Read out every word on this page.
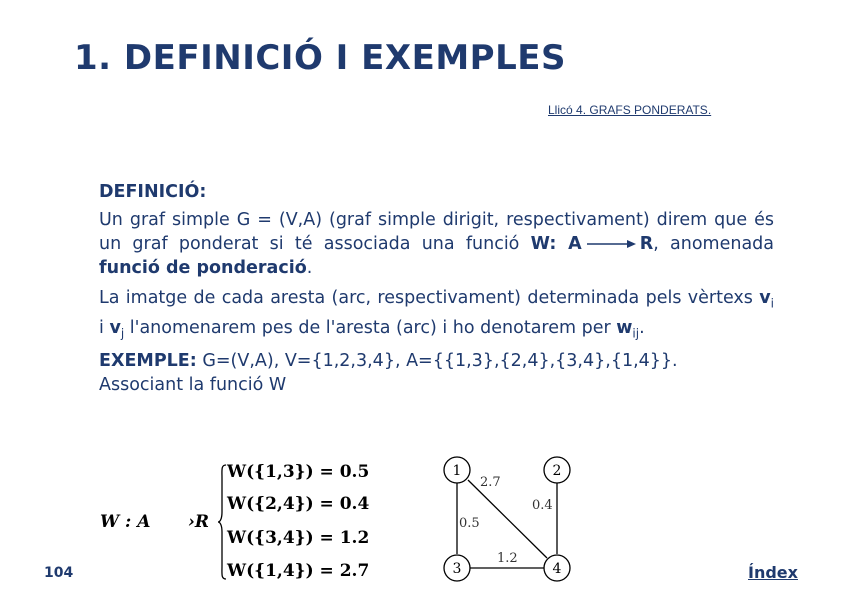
1. DEFINICIÓ I EXEMPLES
Llicó 4. GRAFS PONDERATS.

DEFINICIÓ:

Un graf simple G = (V,A) (graf simple dirigit, respectivament) direm que és un graf ponderat si té associada una funció W: A	R, anomenada funció de ponderació.

La imatge de cada aresta (arc, respectivament) determinada pels vèrtexs $v_i$ i $v_j$ l'anomenarem pes de l'aresta (arc) i ho denotarem per $w_{ij}$.

EXEMPLE: G=(V,A), V={1,2,3,4}, A={{1,3},{2,4},{3,4},{1,4}}.
Associant la funció W

W : A ›R
W({1,3}) = 0.5
W({2,4}) = 0.4
W({3,4}) = 1.2
W({1,4}) = 2.7
1	2
3	4
2.7
0.4
0.5
1.2
104	Índex
